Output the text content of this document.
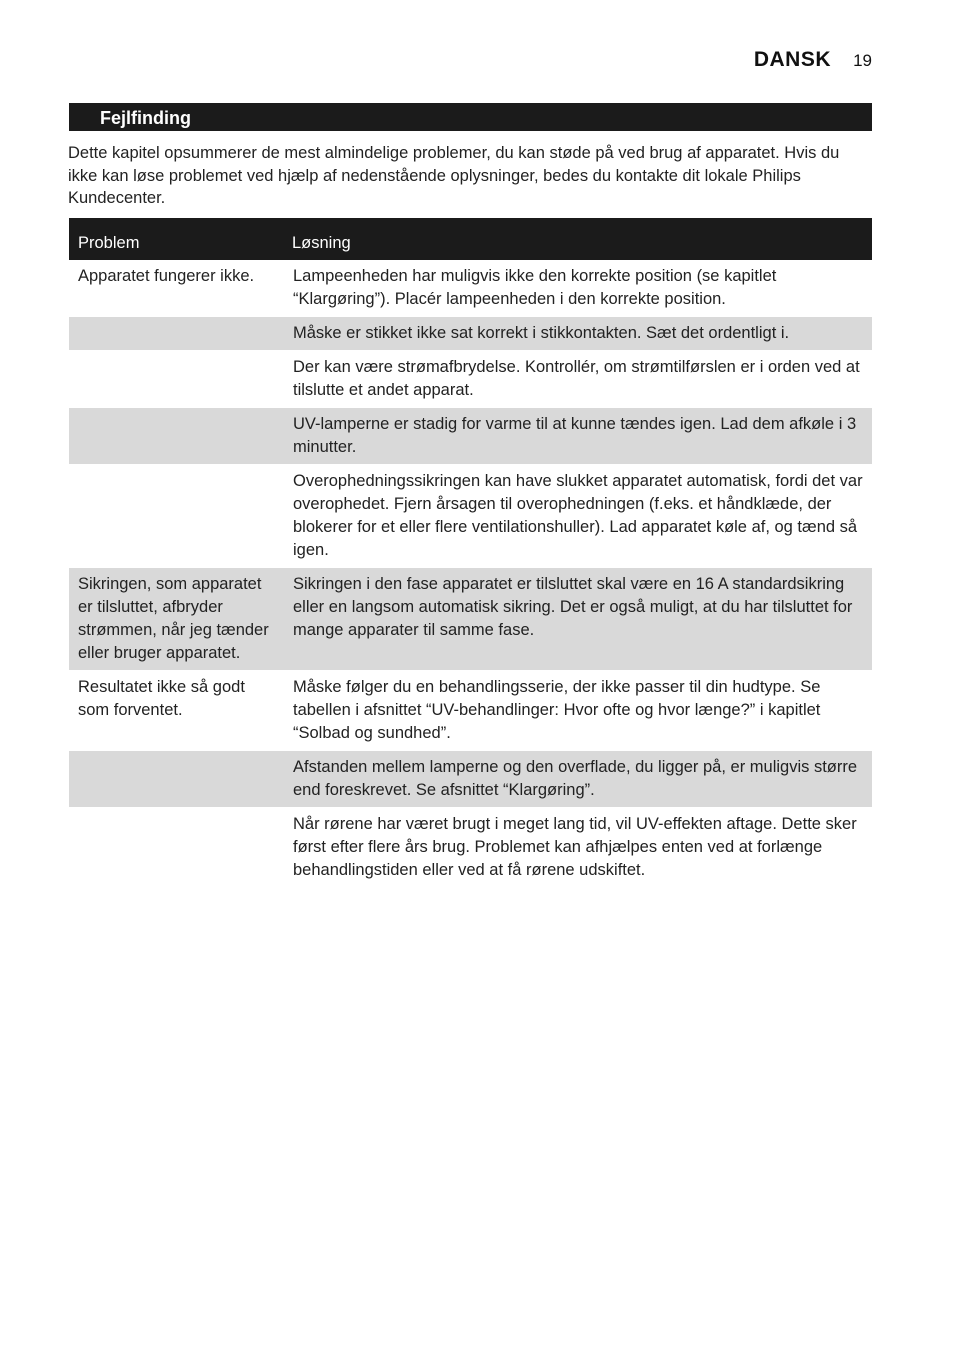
DANSK 19
Fejlfinding

Dette kapitel opsummerer de mest almindelige problemer, du kan støde på ved brug af apparatet. Hvis du ikke kan løse problemet ved hjælp af nedenstående oplysninger, bedes du kontakte dit lokale Philips Kundecenter.

Problem	Løsning
Apparatet fungerer ikke.	Lampeenheden har muligvis ikke den korrekte position (se kapitlet “Klargøring”). Placér lampeenheden i den korrekte position.
	Måske er stikket ikke sat korrekt i stikkontakten. Sæt det ordentligt i.
	Der kan være strømafbrydelse. Kontrollér, om strømtilførslen er i orden ved at tilslutte et andet apparat.
	UV-lamperne er stadig for varme til at kunne tændes igen. Lad dem afkøle i 3 minutter.
	Overophedningssikringen kan have slukket apparatet automatisk, fordi det var overophedet. Fjern årsagen til overophedningen (f.eks. et håndklæde, der blokerer for et eller flere ventilationshuller). Lad apparatet køle af, og tænd så igen.
Sikringen, som apparatet er tilsluttet, afbryder strømmen, når jeg tænder eller bruger apparatet.	Sikringen i den fase apparatet er tilsluttet skal være en 16 A standardsikring eller en langsom automatisk sikring. Det er også muligt, at du har tilsluttet for mange apparater til samme fase.
Resultatet ikke så godt som forventet.	Måske følger du en behandlingsserie, der ikke passer til din hudtype. Se tabellen i afsnittet “UV-behandlinger: Hvor ofte og hvor længe?” i kapitlet “Solbad og sundhed”.
	Afstanden mellem lamperne og den overflade, du ligger på, er muligvis større end foreskrevet. Se afsnittet “Klargøring”.
	Når rørene har været brugt i meget lang tid, vil UV-effekten aftage. Dette sker først efter flere års brug. Problemet kan afhjælpes enten ved at forlænge behandlingstiden eller ved at få rørene udskiftet.
